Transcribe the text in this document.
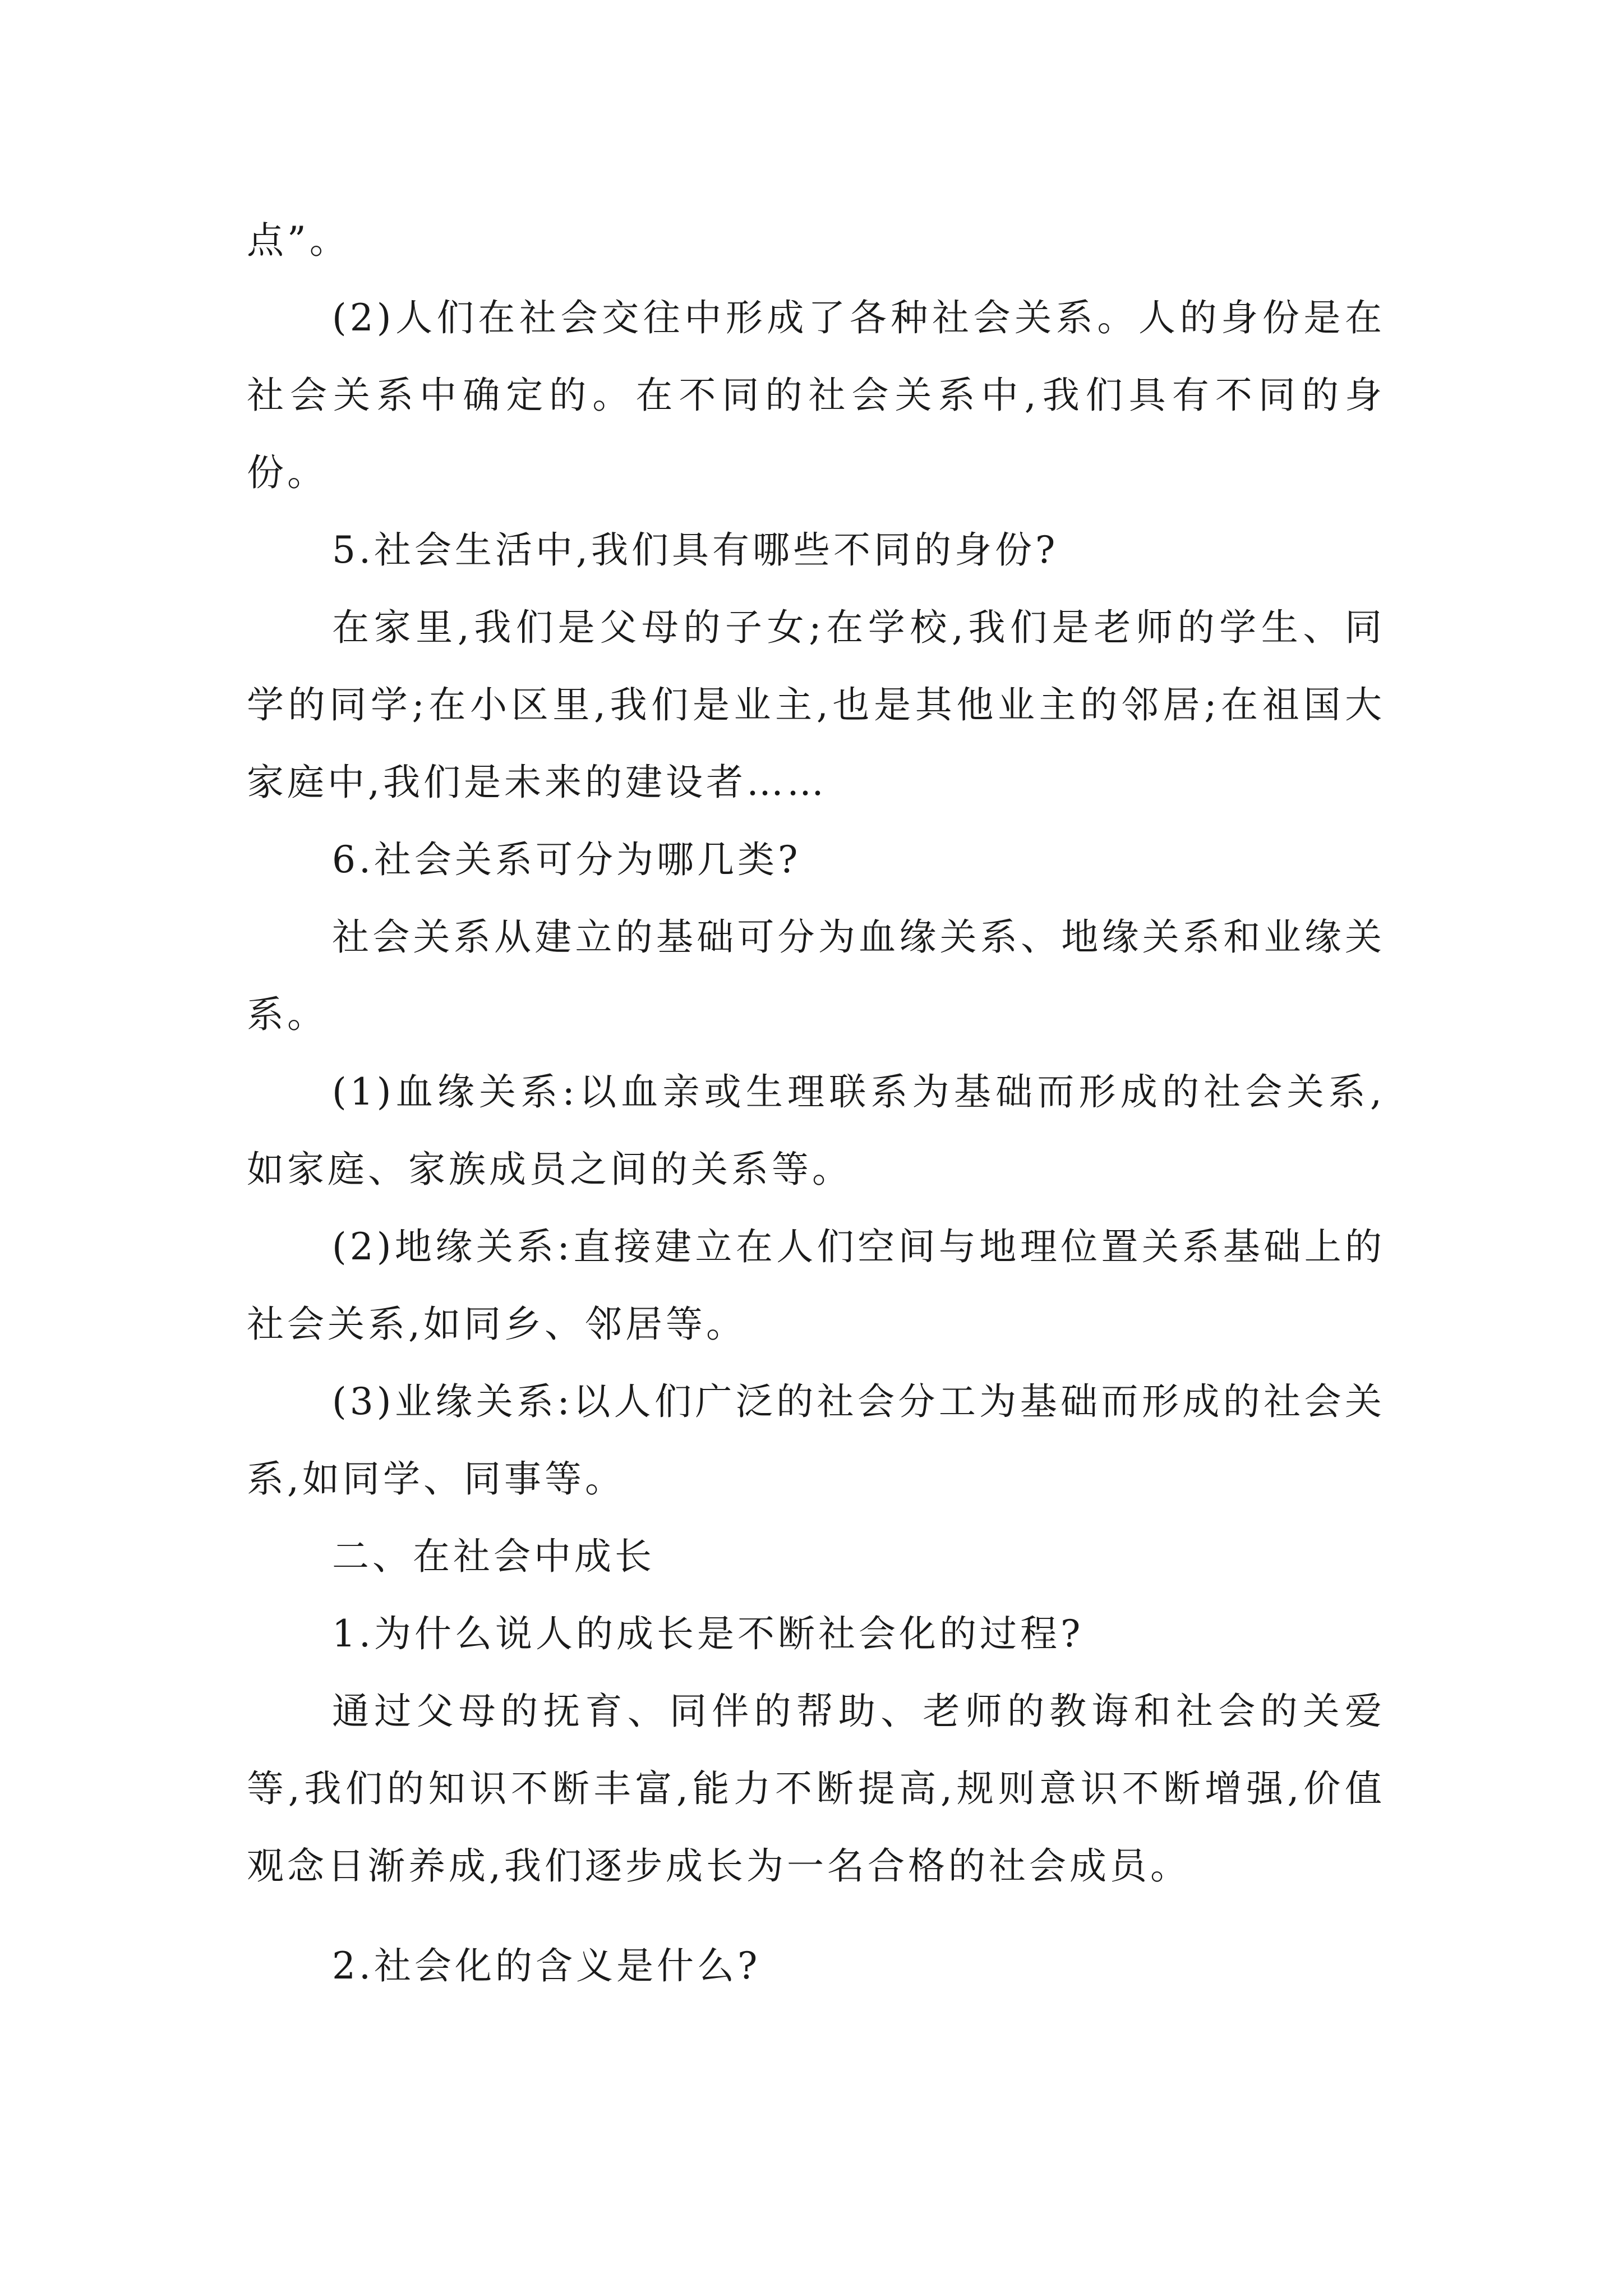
点”。

(2)人们在社会交往中形成了各种社会关系。人的身份是在社会关系中确定的。在不同的社会关系中,我们具有不同的身份。

5.社会生活中,我们具有哪些不同的身份?

在家里,我们是父母的子女;在学校,我们是老师的学生、同学的同学;在小区里,我们是业主,也是其他业主的邻居;在祖国大家庭中,我们是未来的建设者……

6.社会关系可分为哪几类?

社会关系从建立的基础可分为血缘关系、地缘关系和业缘关系。

(1)血缘关系:以血亲或生理联系为基础而形成的社会关系,如家庭、家族成员之间的关系等。

(2)地缘关系:直接建立在人们空间与地理位置关系基础上的社会关系,如同乡、邻居等。

(3)业缘关系:以人们广泛的社会分工为基础而形成的社会关系,如同学、同事等。

二、在社会中成长

1.为什么说人的成长是不断社会化的过程?

通过父母的抚育、同伴的帮助、老师的教诲和社会的关爱等,我们的知识不断丰富,能力不断提高,规则意识不断增强,价值观念日渐养成,我们逐步成长为一名合格的社会成员。

2.社会化的含义是什么?
